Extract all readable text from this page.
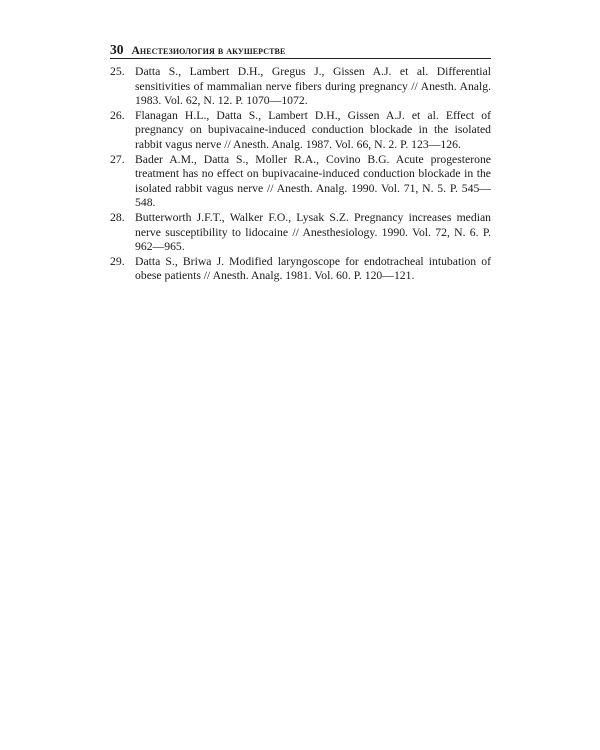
30 Анестезиология в акушерстве
25. Datta S., Lambert D.H., Gregus J., Gissen A.J. et al. Differential sensitivities of mammalian nerve fibers during pregnancy // Anesth. Analg. 1983. Vol. 62, N. 12. P. 1070—1072.
26. Flanagan H.L., Datta S., Lambert D.H., Gissen A.J. et al. Effect of pregnancy on bupivacaine-induced conduction blockade in the isolated rabbit vagus nerve // Anesth. Analg. 1987. Vol. 66, N. 2. P. 123—126.
27. Bader A.M., Datta S., Moller R.A., Covino B.G. Acute progesterone treatment has no effect on bupivacaine-induced conduction blockade in the isolated rabbit vagus nerve // Anesth. Analg. 1990. Vol. 71, N. 5. P. 545—548.
28. Butterworth J.F.T., Walker F.O., Lysak S.Z. Pregnancy increases median nerve susceptibility to lidocaine // Anesthesiology. 1990. Vol. 72, N. 6. P. 962—965.
29. Datta S., Briwa J. Modified laryngoscope for endotracheal intubation of obese patients // Anesth. Analg. 1981. Vol. 60. P. 120—121.
